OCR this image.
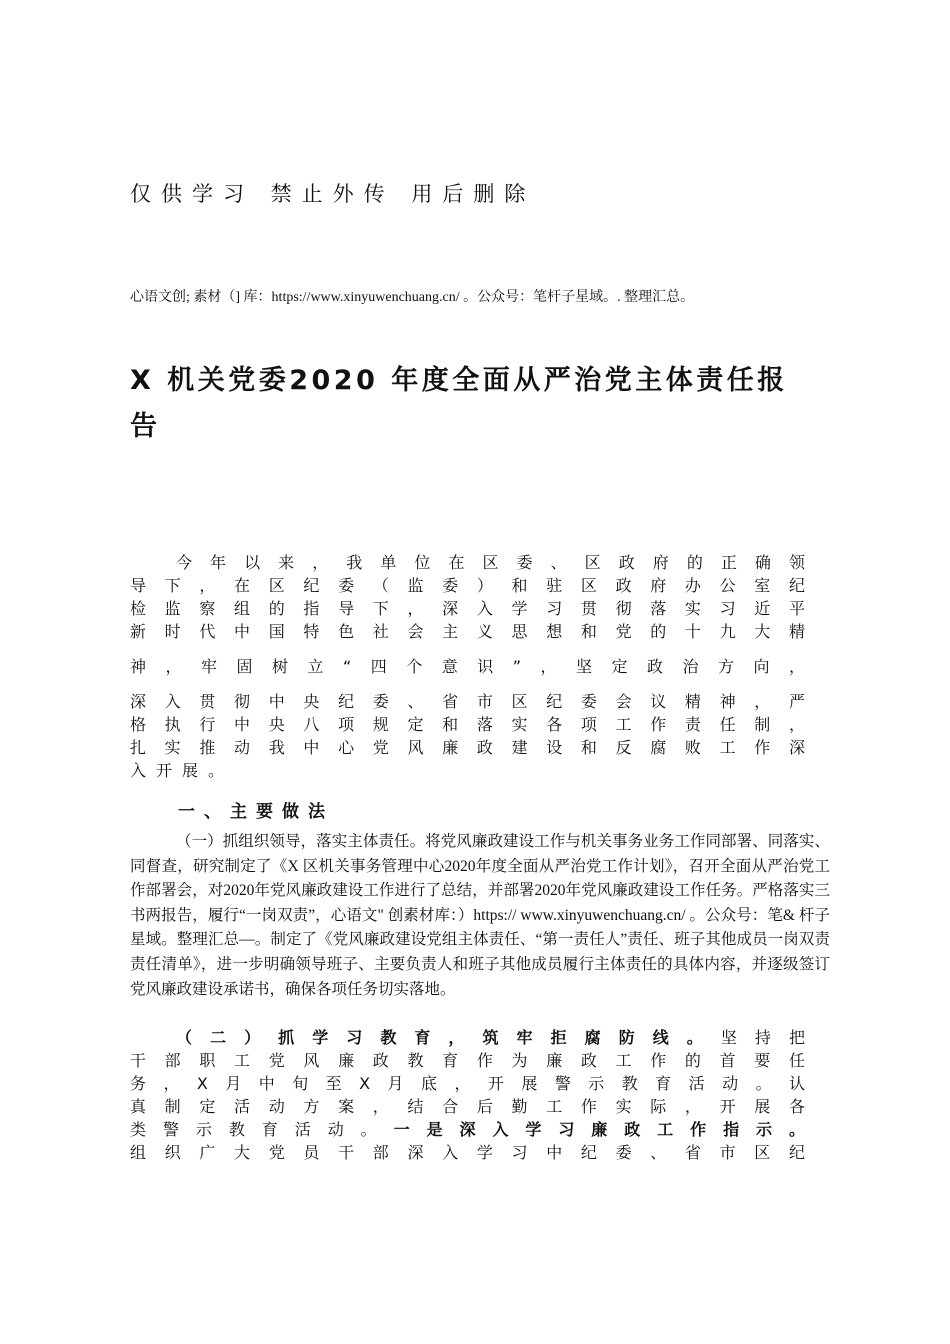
仅供学习 禁止外传 用后删除
心语文创; 素材（] 库：https://www.xinyuwenchuang.cn/ 。公众号：笔杆子星域。. 整理汇总。
X 机关党委2020 年度全面从严治党主体责任报
告
今年以来，我单位在区委、区政府的正确领
导下，在区纪委（监委）和驻区政府办公室纪
检监察组的指导下，深入学习贯彻落实习近平
新时代中国特色社会主义思想和党的十九大精
神，牢固树立“四个意识”，坚定政治方向，
深入贯彻中央纪委、省市区纪委会议精神，严
格执行中央八项规定和落实各项工作责任制，
扎实推动我中心党风廉政建设和反腐败工作深
入开展。
一、主要做法
（一）抓组织领导，落实主体责任。将党风廉政建设工作与机关事务业务工作同部署、同落实、同督查，研究制定了《X 区机关事务管理中心2020年度全面从严治党工作计划》，召开全面从严治党工作部署会，对2020年党风廉政建设工作进行了总结，并部署2020年党风廉政建设工作任务。严格落实三书两报告，履行“一岗双责”，心语文" 创素材库：）https:// www.xinyuwenchuang.cn/ 。公众号：笔& 杆子星域。整理汇总—。制定了《党风廉政建设党组主体责任、“第一责任人”责任、班子其他成员一岗双责责任清单》，进一步明确领导班子、主要负责人和班子其他成员履行主体责任的具体内容，并逐级签订党风廉政建设承诺书，确保各项任务切实落地。
（二）抓学习教育，筑牢拒腐防线。坚持把
干部职工党风廉政教育作为廉政工作的首要任
务，X月中旬至X月底，开展警示教育活动。认
真制定活动方案，结合后勤工作实际，开展各
类警示教育活动。一是深入学习廉政工作指示。
组织广大党员干部深入学习中纪委、省市区纪
